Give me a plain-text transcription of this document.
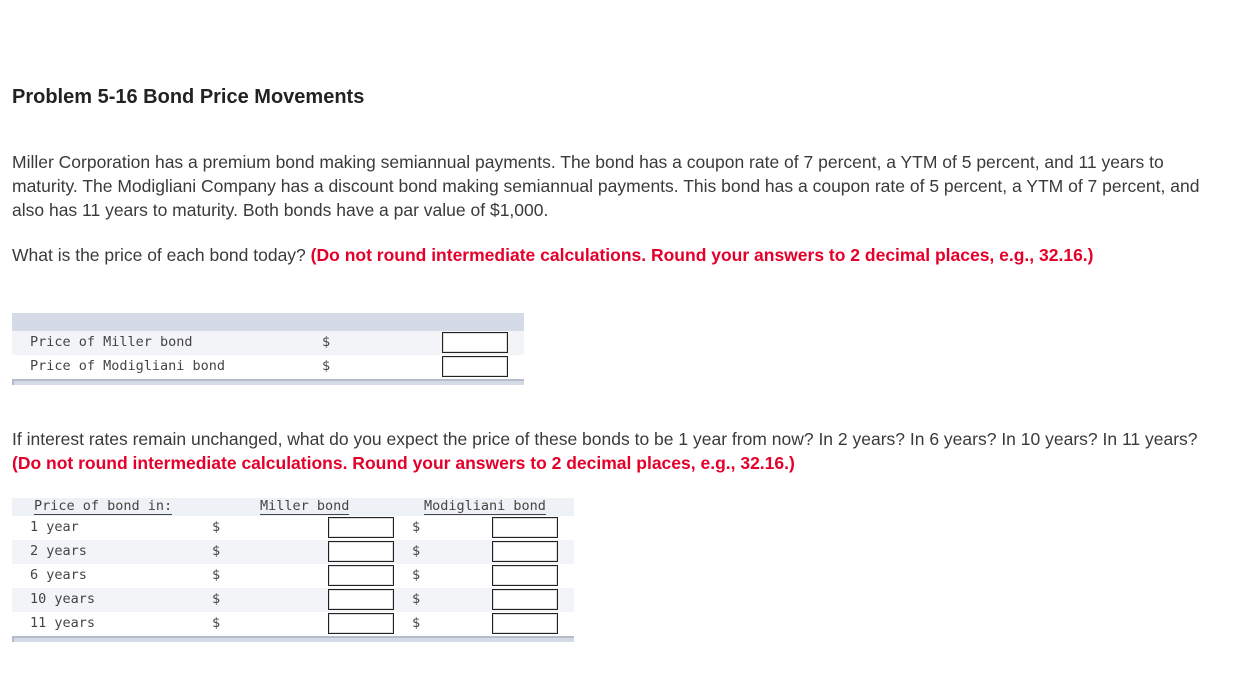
Problem 5-16 Bond Price Movements

Miller Corporation has a premium bond making semiannual payments. The bond has a coupon rate of 7 percent, a YTM of 5 percent, and 11 years to maturity. The Modigliani Company has a discount bond making semiannual payments. This bond has a coupon rate of 5 percent, a YTM of 7 percent, and also has 11 years to maturity. Both bonds have a par value of $1,000.

What is the price of each bond today? (Do not round intermediate calculations. Round your answers to 2 decimal places, e.g., 32.16.)

Price of Miller bond	$
Price of Modigliani bond	$

If interest rates remain unchanged, what do you expect the price of these bonds to be 1 year from now? In 2 years? In 6 years? In 10 years? In 11 years? (Do not round intermediate calculations. Round your answers to 2 decimal places, e.g., 32.16.)

Price of bond in:	Miller bond	Modigliani bond
1 year	$	$
2 years	$	$
6 years	$	$
10 years	$	$
11 years	$	$
